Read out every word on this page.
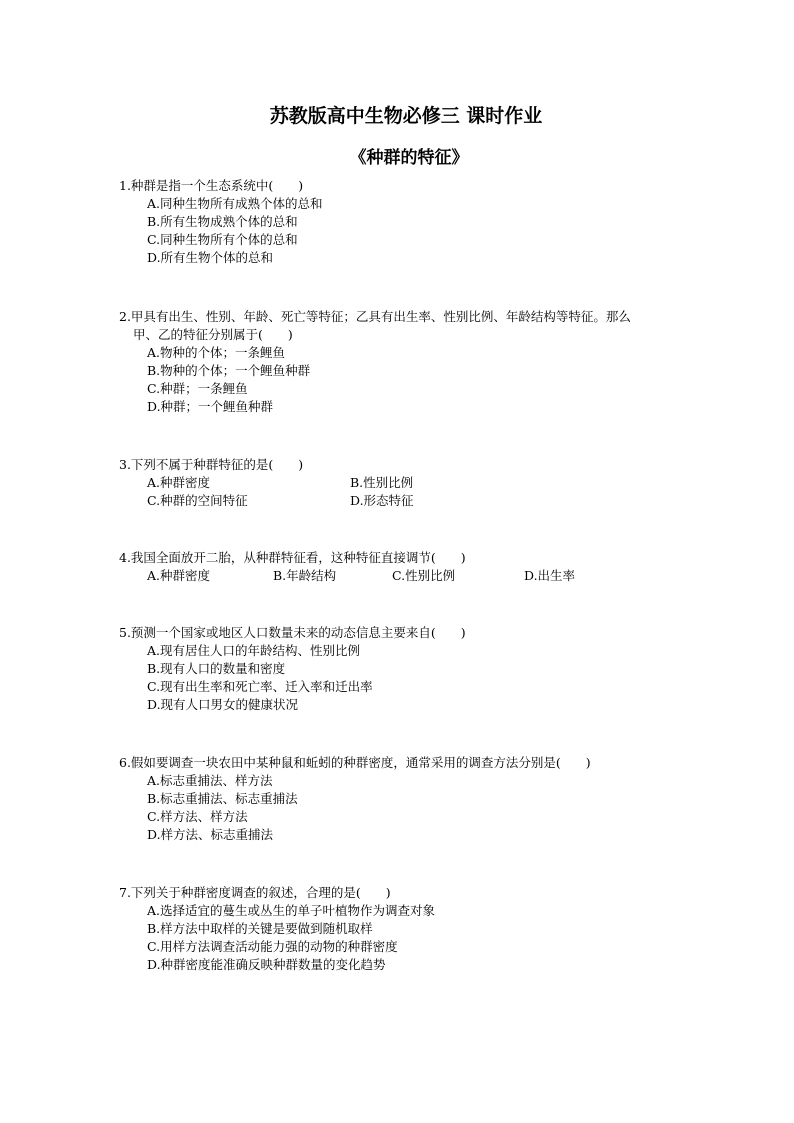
苏教版高中生物必修三 课时作业
《种群的特征》
1.种群是指一个生态系统中(　　)
A.同种生物所有成熟个体的总和
B.所有生物成熟个体的总和
C.同种生物所有个体的总和
D.所有生物个体的总和
2.甲具有出生、性别、年龄、死亡等特征；乙具有出生率、性别比例、年龄结构等特征。那么
甲、乙的特征分别属于(　　)
A.物种的个体；一条鲤鱼
B.物种的个体；一个鲤鱼种群
C.种群；一条鲤鱼
D.种群；一个鲤鱼种群
3.下列不属于种群特征的是(　　)
A.种群密度	B.性别比例
C.种群的空间特征	D.形态特征
4.我国全面放开二胎，从种群特征看，这种特征直接调节(　　)
A.种群密度	B.年龄结构	C.性别比例	D.出生率
5.预测一个国家或地区人口数量未来的动态信息主要来自(　　)
A.现有居住人口的年龄结构、性别比例
B.现有人口的数量和密度
C.现有出生率和死亡率、迁入率和迁出率
D.现有人口男女的健康状况
6.假如要调查一块农田中某种鼠和蚯蚓的种群密度，通常采用的调查方法分别是(　　)
A.标志重捕法、样方法
B.标志重捕法、标志重捕法
C.样方法、样方法
D.样方法、标志重捕法
7.下列关于种群密度调查的叙述，合理的是(　　)
A.选择适宜的蔓生或丛生的单子叶植物作为调查对象
B.样方法中取样的关键是要做到随机取样
C.用样方法调查活动能力强的动物的种群密度
D.种群密度能准确反映种群数量的变化趋势
